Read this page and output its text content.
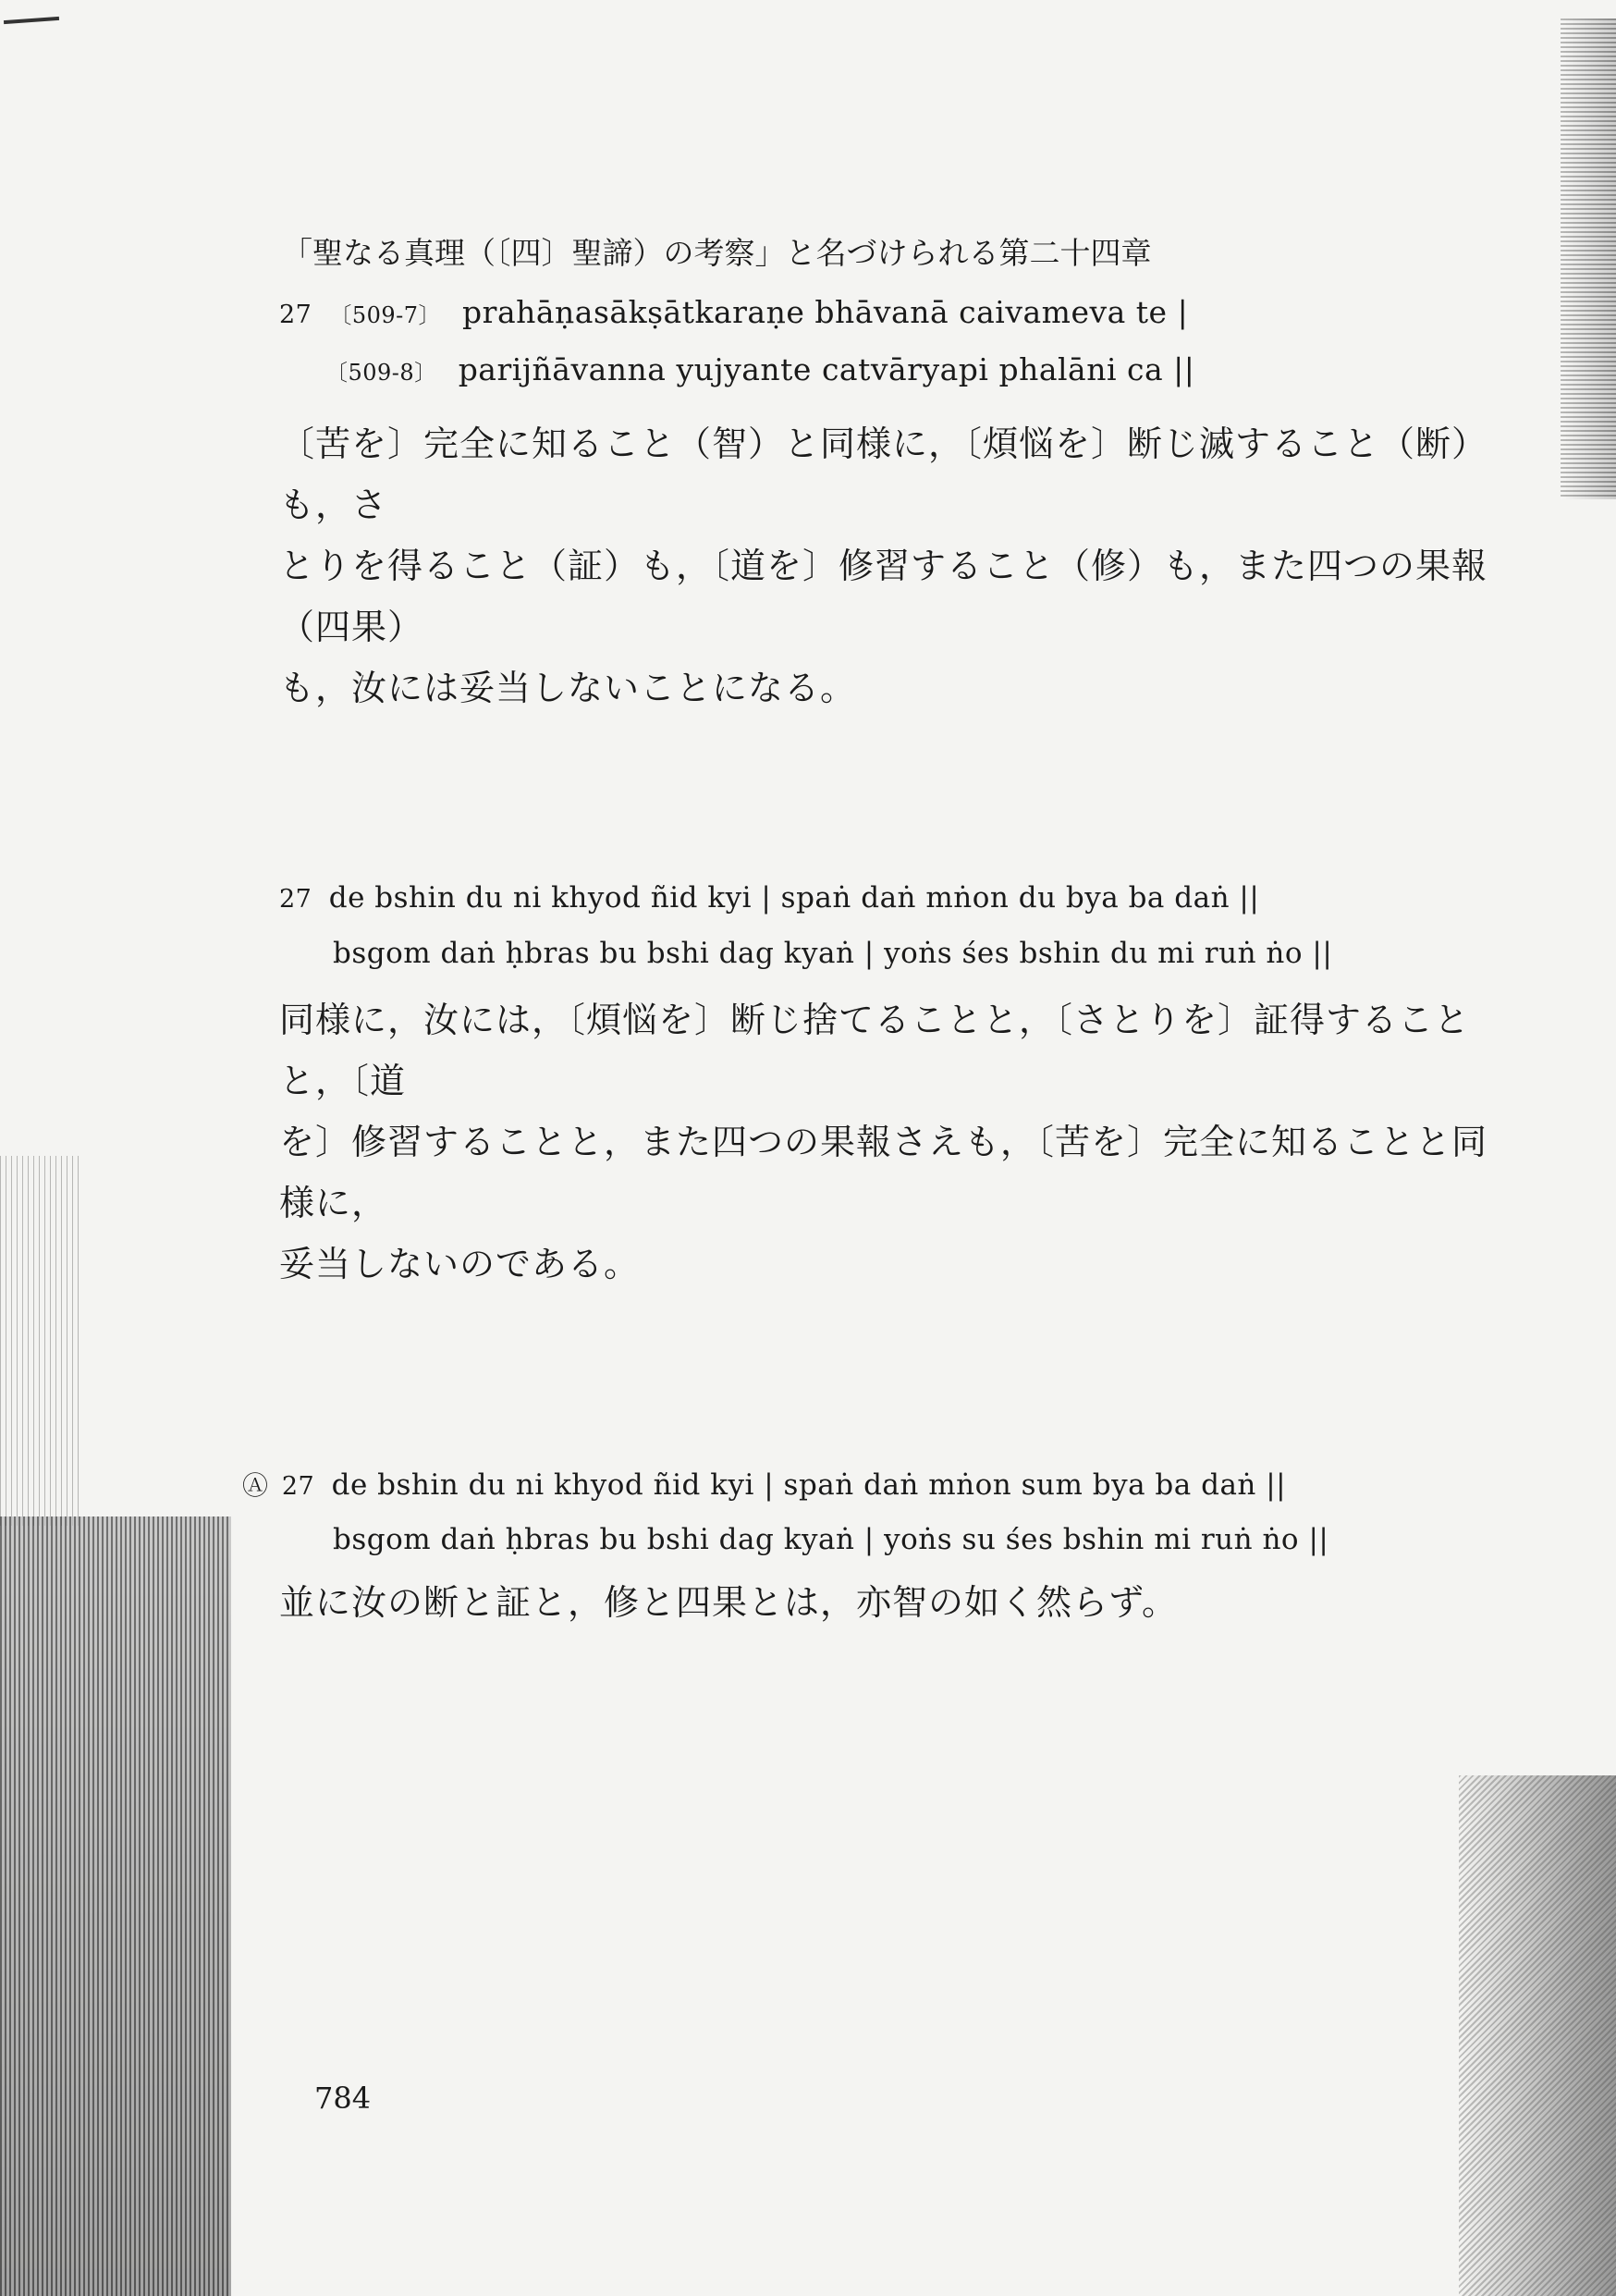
「聖なる真理（〔四〕聖諦）の考察」と名づけられる第二十四章
27 〔509-7〕 prahāṇasākṣātkaraṇe bhāvanā caivameva te |
〔509-8〕 parijñāvanna yujyante catvāryapi phalāni ca ||
〔苦を〕完全に知ること（智）と同様に，〔煩悩を〕断じ滅すること（断）も，さ
とりを得ること（証）も，〔道を〕修習すること（修）も，また四つの果報（四果）
も，汝には妥当しないことになる。
27 de bshin du ni khyod ñid kyi | spaṅ daṅ mṅon du bya ba daṅ ||
bsgom daṅ ḥbras bu bshi dag kyaṅ | yoṅs śes bshin du mi ruṅ ṅo ||
同様に，汝には，〔煩悩を〕断じ捨てることと，〔さとりを〕証得することと，〔道
を〕修習することと，また四つの果報さえも，〔苦を〕完全に知ることと同様に，
妥当しないのである。
Ⓐ 27 de bshin du ni khyod ñid kyi | spaṅ daṅ mṅon sum bya ba daṅ ||
bsgom daṅ ḥbras bu bshi dag kyaṅ | yoṅs su śes bshin mi ruṅ ṅo ||
並に汝の断と証と，修と四果とは，亦智の如く然らず。
784
